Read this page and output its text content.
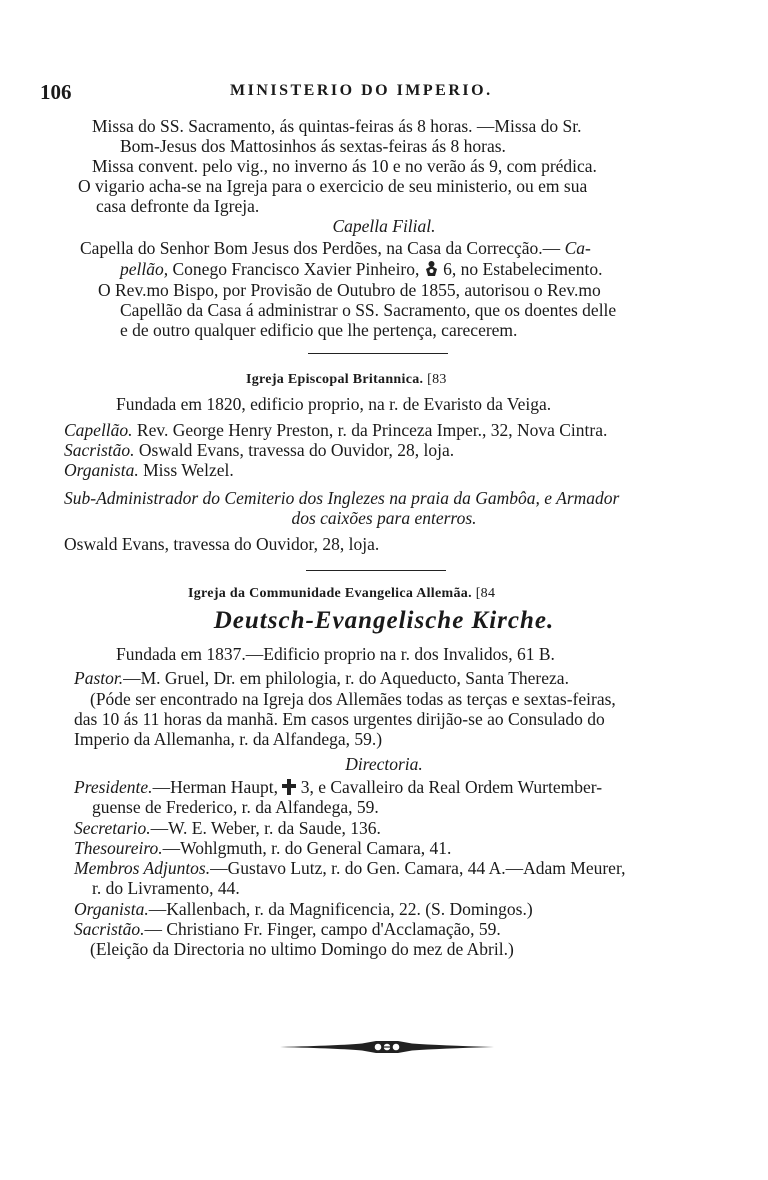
106	MINISTERIO DO IMPERIO.
Missa do SS. Sacramento, ás quintas-feiras ás 8 horas. —Missa do Sr.
Bom-Jesus dos Mattosinhos ás sextas-feiras ás 8 horas.
Missa convent. pelo vig., no inverno ás 10 e no verão ás 9, com prédica.
O vigario acha-se na Igreja para o exercicio de seu ministerio, ou em sua
casa defronte da Igreja.
Capella Filial.
Capella do Senhor Bom Jesus dos Perdões, na Casa da Correcção.— Ca-
pellão, Conego Francisco Xavier Pinheiro, 6, no Estabelecimento.
O Rev.mo Bispo, por Provisão de Outubro de 1855, autorisou o Rev.mo
Capellão da Casa á administrar o SS. Sacramento, que os doentes delle
e de outro qualquer edificio que lhe pertença, carecerem.
Igreja Episcopal Britannica. [83
Fundada em 1820, edificio proprio, na r. de Evaristo da Veiga.
Capellão. Rev. George Henry Preston, r. da Princeza Imper., 32, Nova Cintra.
Sacristão. Oswald Evans, travessa do Ouvidor, 28, loja.
Organista. Miss Welzel.
Sub-Administrador do Cemiterio dos Inglezes na praia da Gambôa, e Armador
dos caixões para enterros.
Oswald Evans, travessa do Ouvidor, 28, loja.
Igreja da Communidade Evangelica Allemãa. [84
Deutsch-Evangelische Kirche.
Fundada em 1837.—Edificio proprio na r. dos Invalidos, 61 B.
Pastor.—M. Gruel, Dr. em philologia, r. do Aqueducto, Santa Thereza.
(Póde ser encontrado na Igreja dos Allemães todas as terças e sextas-feiras,
das 10 ás 11 horas da manhã. Em casos urgentes dirijão-se ao Consulado do
Imperio da Allemanha, r. da Alfandega, 59.)
Directoria.
Presidente.—Herman Haupt, 3, e Cavalleiro da Real Ordem Wurtember-
guense de Frederico, r. da Alfandega, 59.
Secretario.—W. E. Weber, r. da Saude, 136.
Thesoureiro.—Wohlgmuth, r. do General Camara, 41.
Membros Adjuntos.—Gustavo Lutz, r. do Gen. Camara, 44 A.—Adam Meurer,
r. do Livramento, 44.
Organista.—Kallenbach, r. da Magnificencia, 22. (S. Domingos.)
Sacristão.— Christiano Fr. Finger, campo d'Acclamação, 59.
(Eleição da Directoria no ultimo Domingo do mez de Abril.)
